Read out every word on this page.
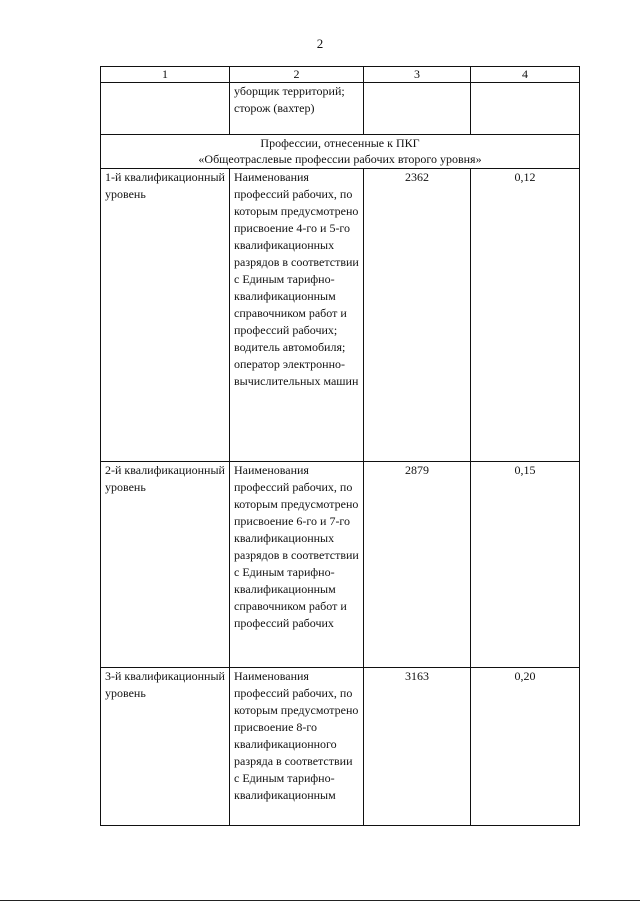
2
1	2	3	4
	уборщик территорий; сторож (вахтер)		

Профессии, отнесенные к ПКГ
«Общеотраслевые профессии рабочих второго уровня»			

1-й квалификационный уровень	Наименования профессий рабочих, по которым предусмотрено присвоение 4-го и 5-го квалификационных разрядов в соответствии с Единым тарифно-квалификационным справочником работ и профессий рабочих; водитель автомобиля; оператор электронно-вычислительных машин	2362	0,12
2-й квалификационный уровень	Наименования профессий рабочих, по которым предусмотрено присвоение 6-го и 7-го квалификационных разрядов в соответствии с Единым тарифно-квалификационным справочником работ и профессий рабочих	2879	0,15
3-й квалификационный уровень	Наименования профессий рабочих, по которым предусмотрено присвоение 8-го квалификационного разряда в соответствии с Единым тарифно-квалификационным	3163	0,20
